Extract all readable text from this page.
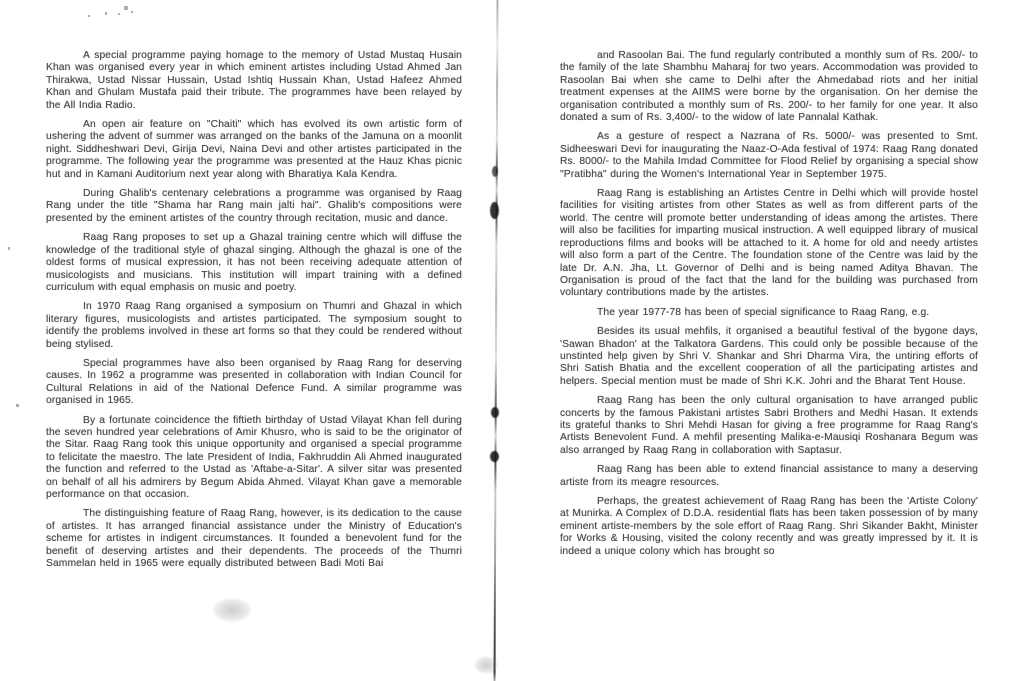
A special programme paying homage to the memory of Ustad Mustaq Husain Khan was organised every year in which eminent artistes including Ustad Ahmed Jan Thirakwa, Ustad Nissar Hussain, Ustad Ishtiq Hussain Khan, Ustad Hafeez Ahmed Khan and Ghulam Mustafa paid their tribute. The programmes have been relayed by the All India Radio.

An open air feature on "Chaiti" which has evolved its own artistic form of ushering the advent of summer was arranged on the banks of the Jamuna on a moonlit night. Siddheshwari Devi, Girija Devi, Naina Devi and other artistes participated in the programme. The following year the programme was presented at the Hauz Khas picnic hut and in Kamani Auditorium next year along with Bharatiya Kala Kendra.

During Ghalib's centenary celebrations a programme was organised by Raag Rang under the title "Shama har Rang main jalti hai". Ghalib's compositions were presented by the eminent artistes of the country through recitation, music and dance.

Raag Rang proposes to set up a Ghazal training centre which will diffuse the knowledge of the traditional style of ghazal singing. Although the ghazal is one of the oldest forms of musical expression, it has not been receiving adequate attention of musicologists and musicians. This institution will impart training with a defined curriculum with equal emphasis on music and poetry.

In 1970 Raag Rang organised a symposium on Thumri and Ghazal in which literary figures, musicologists and artistes participated. The symposium sought to identify the problems involved in these art forms so that they could be rendered without being stylised.

Special programmes have also been organised by Raag Rang for deserving causes. In 1962 a programme was presented in collaboration with Indian Council for Cultural Relations in aid of the National Defence Fund. A similar programme was organised in 1965.

By a fortunate coincidence the fiftieth birthday of Ustad Vilayat Khan fell during the seven hundred year celebrations of Amir Khusro, who is said to be the originator of the Sitar. Raag Rang took this unique opportunity and organised a special programme to felicitate the maestro. The late President of India, Fakhruddin Ali Ahmed inaugurated the function and referred to the Ustad as 'Aftabe-a-Sitar'. A silver sitar was presented on behalf of all his admirers by Begum Abida Ahmed. Vilayat Khan gave a memorable performance on that occasion.

The distinguishing feature of Raag Rang, however, is its dedication to the cause of artistes. It has arranged financial assistance under the Ministry of Education's scheme for artistes in indigent circumstances. It founded a benevolent fund for the benefit of deserving artistes and their dependents. The proceeds of the Thumri Sammelan held in 1965 were equally distributed between Badi Moti Bai

and Rasoolan Bai. The fund regularly contributed a monthly sum of Rs. 200/- to the family of the late Shambhu Maharaj for two years. Accommodation was provided to Rasoolan Bai when she came to Delhi after the Ahmedabad riots and her initial treatment expenses at the AIIMS were borne by the organisation. On her demise the organisation contributed a monthly sum of Rs. 200/- to her family for one year. It also donated a sum of Rs. 3,400/- to the widow of late Pannalal Kathak.

As a gesture of respect a Nazrana of Rs. 5000/- was presented to Smt. Sidheeswari Devi for inaugurating the Naaz-O-Ada festival of 1974: Raag Rang donated Rs. 8000/- to the Mahila Imdad Committee for Flood Relief by organising a special show "Pratibha" during the Women's International Year in September 1975.

Raag Rang is establishing an Artistes Centre in Delhi which will provide hostel facilities for visiting artistes from other States as well as from different parts of the world. The centre will promote better understanding of ideas among the artistes. There will also be facilities for imparting musical instruction. A well equipped library of musical reproductions films and books will be attached to it. A home for old and needy artistes will also form a part of the Centre. The foundation stone of the Centre was laid by the late Dr. A.N. Jha, Lt. Governor of Delhi and is being named Aditya Bhavan. The Organisation is proud of the fact that the land for the building was purchased from voluntary contributions made by the artistes.

The year 1977-78 has been of special significance to Raag Rang, e.g.

Besides its usual mehfils, it organised a beautiful festival of the bygone days, 'Sawan Bhadon' at the Talkatora Gardens. This could only be possible because of the unstinted help given by Shri V. Shankar and Shri Dharma Vira, the untiring efforts of Shri Satish Bhatia and the excellent cooperation of all the participating artistes and helpers. Special mention must be made of Shri K.K. Johri and the Bharat Tent House.

Raag Rang has been the only cultural organisation to have arranged public concerts by the famous Pakistani artistes Sabri Brothers and Medhi Hasan. It extends its grateful thanks to Shri Mehdi Hasan for giving a free programme for Raag Rang's Artists Benevolent Fund. A mehfil presenting Malika-e-Mausiqi Roshanara Begum was also arranged by Raag Rang in collaboration with Saptasur.

Raag Rang has been able to extend financial assistance to many a deserving artiste from its meagre resources.

Perhaps, the greatest achievement of Raag Rang has been the 'Artiste Colony' at Munirka. A Complex of D.D.A. residential flats has been taken possession of by many eminent artiste-members by the sole effort of Raag Rang. Shri Sikander Bakht, Minister for Works & Housing, visited the colony recently and was greatly impressed by it. It is indeed a unique colony which has brought so
